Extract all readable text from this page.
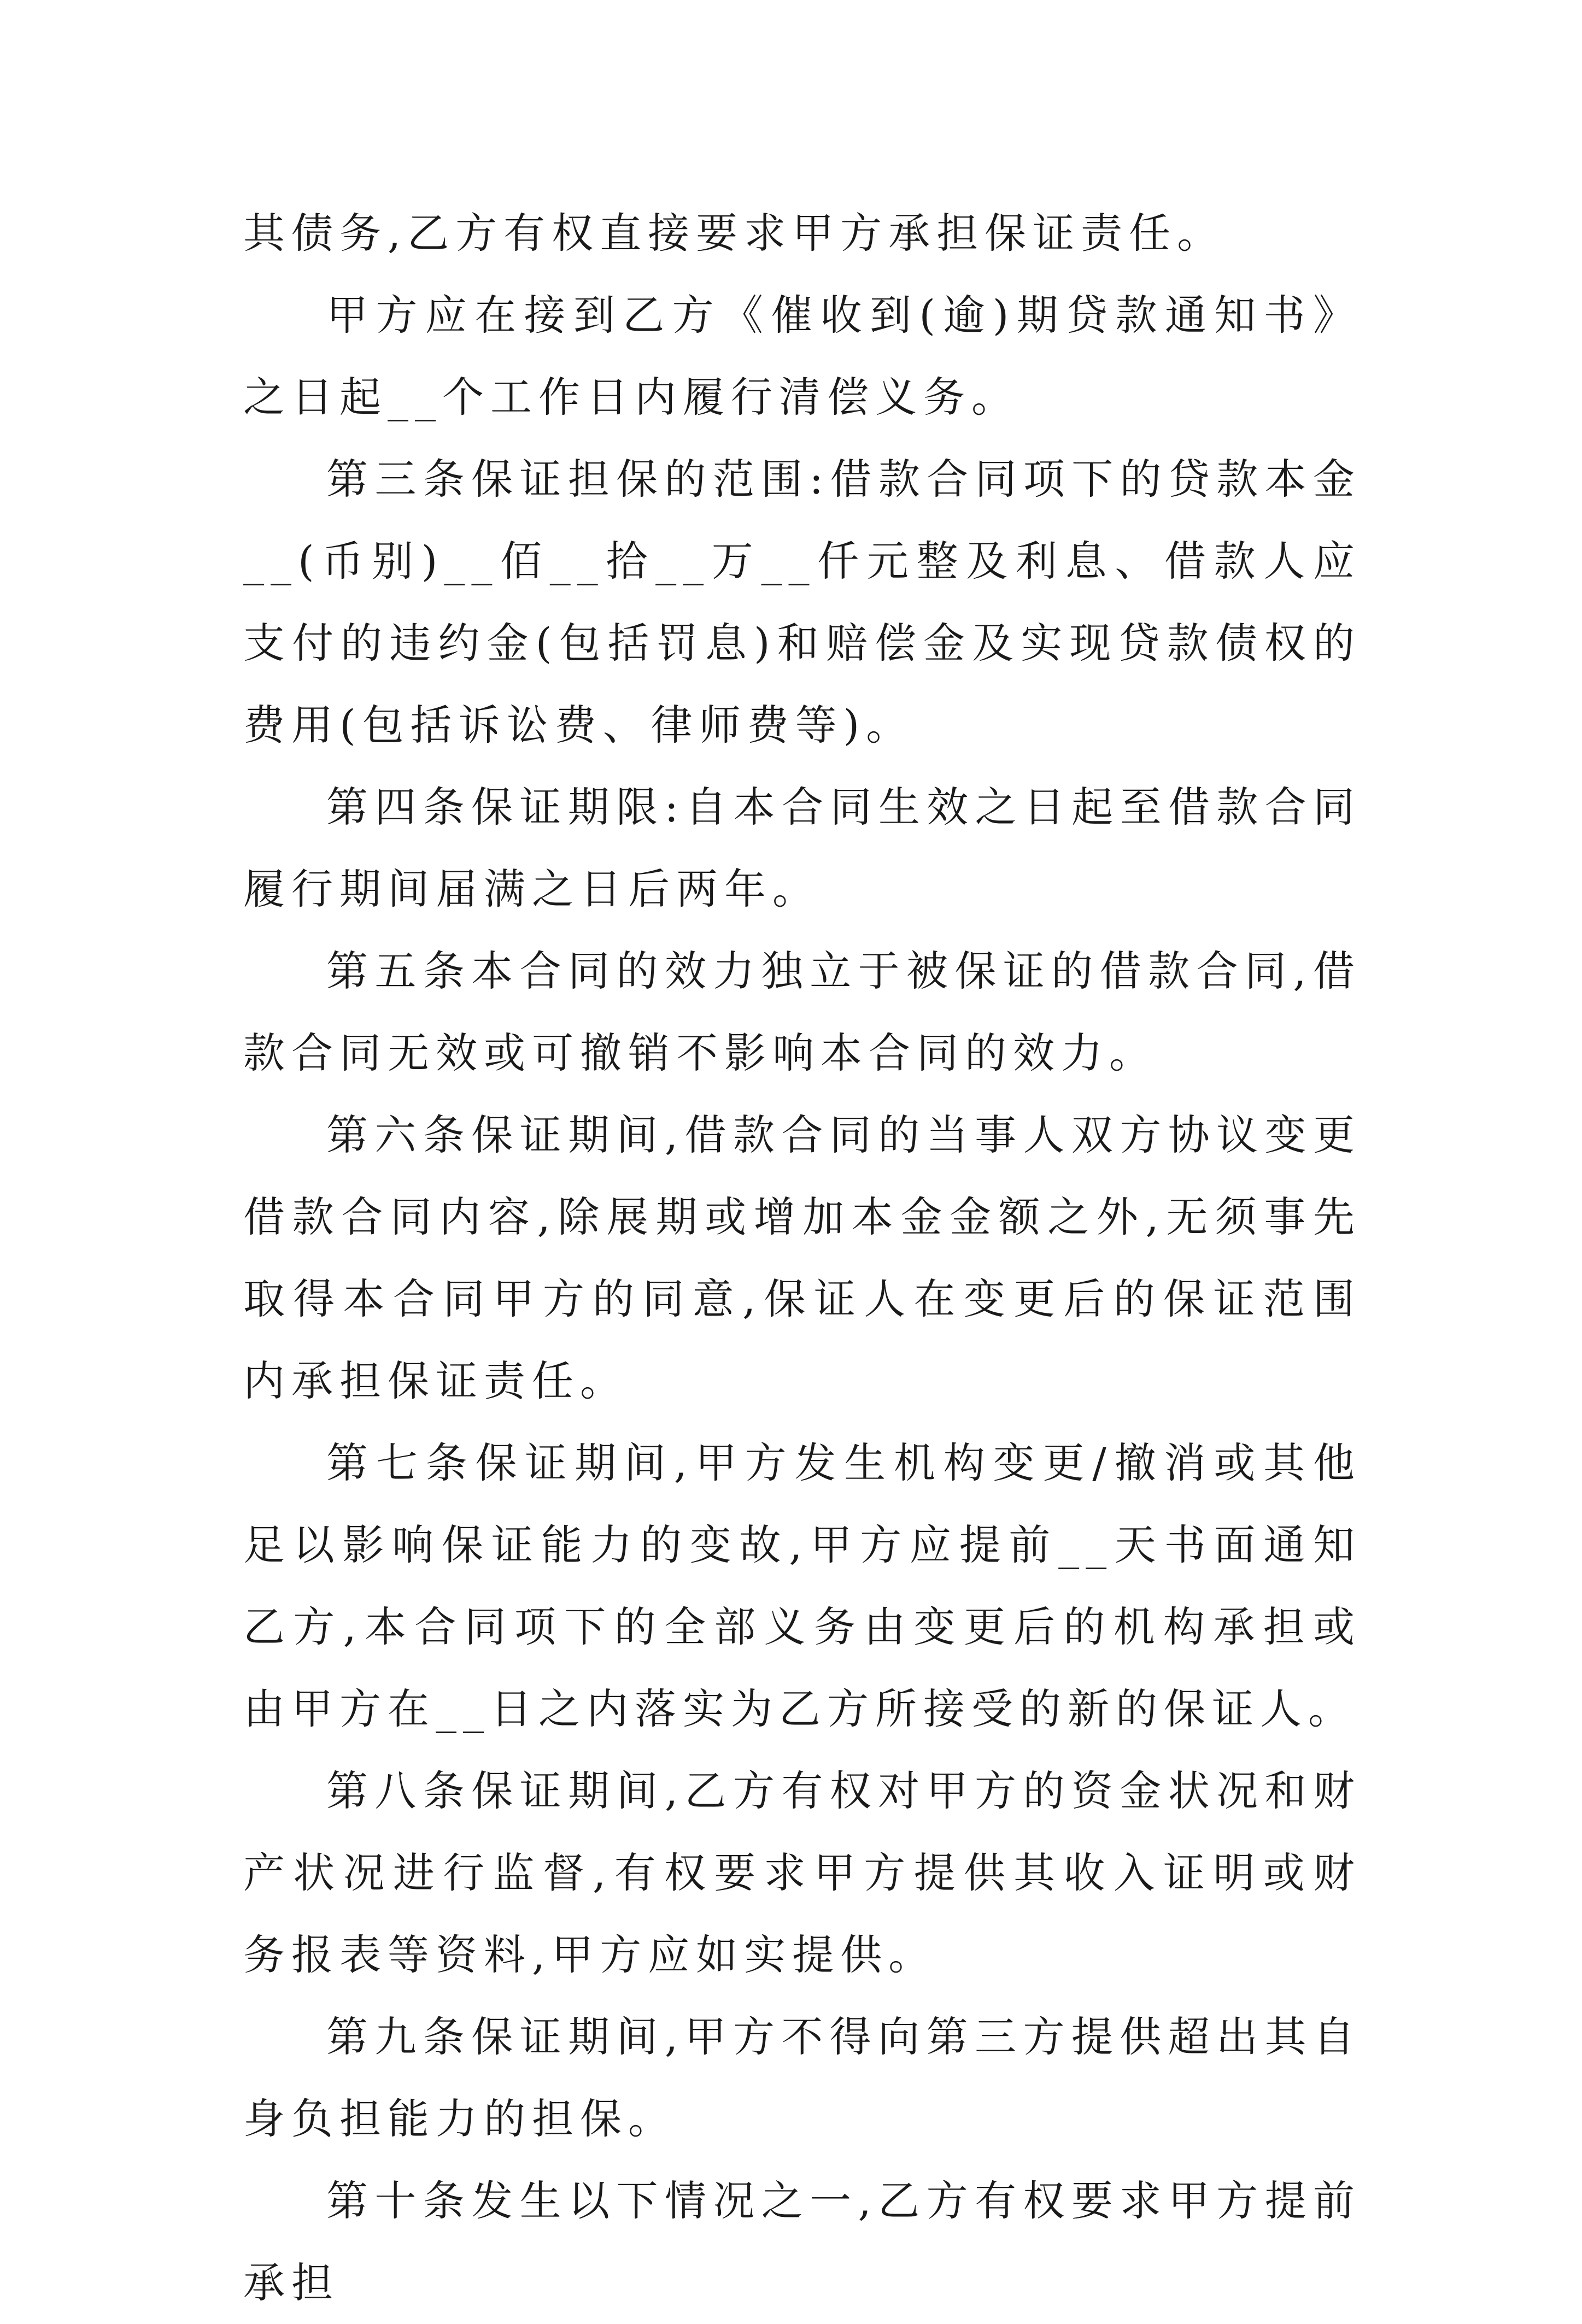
其债务,乙方有权直接要求甲方承担保证责任。

甲方应在接到乙方《催收到(逾)期贷款通知书》之日起__个工作日内履行清偿义务。

第三条保证担保的范围:借款合同项下的贷款本金__(币别)__佰__拾__万__仟元整及利息、借款人应支付的违约金(包括罚息)和赔偿金及实现贷款债权的费用(包括诉讼费、律师费等)。

第四条保证期限:自本合同生效之日起至借款合同履行期间届满之日后两年。

第五条本合同的效力独立于被保证的借款合同,借款合同无效或可撤销不影响本合同的效力。

第六条保证期间,借款合同的当事人双方协议变更借款合同内容,除展期或增加本金金额之外,无须事先取得本合同甲方的同意,保证人在变更后的保证范围内承担保证责任。

第七条保证期间,甲方发生机构变更/撤消或其他足以影响保证能力的变故,甲方应提前__天书面通知乙方,本合同项下的全部义务由变更后的机构承担或由甲方在__日之内落实为乙方所接受的新的保证人。

第八条保证期间,乙方有权对甲方的资金状况和财产状况进行监督,有权要求甲方提供其收入证明或财务报表等资料,甲方应如实提供。

第九条保证期间,甲方不得向第三方提供超出其自身负担能力的担保。

第十条发生以下情况之一,乙方有权要求甲方提前承担
